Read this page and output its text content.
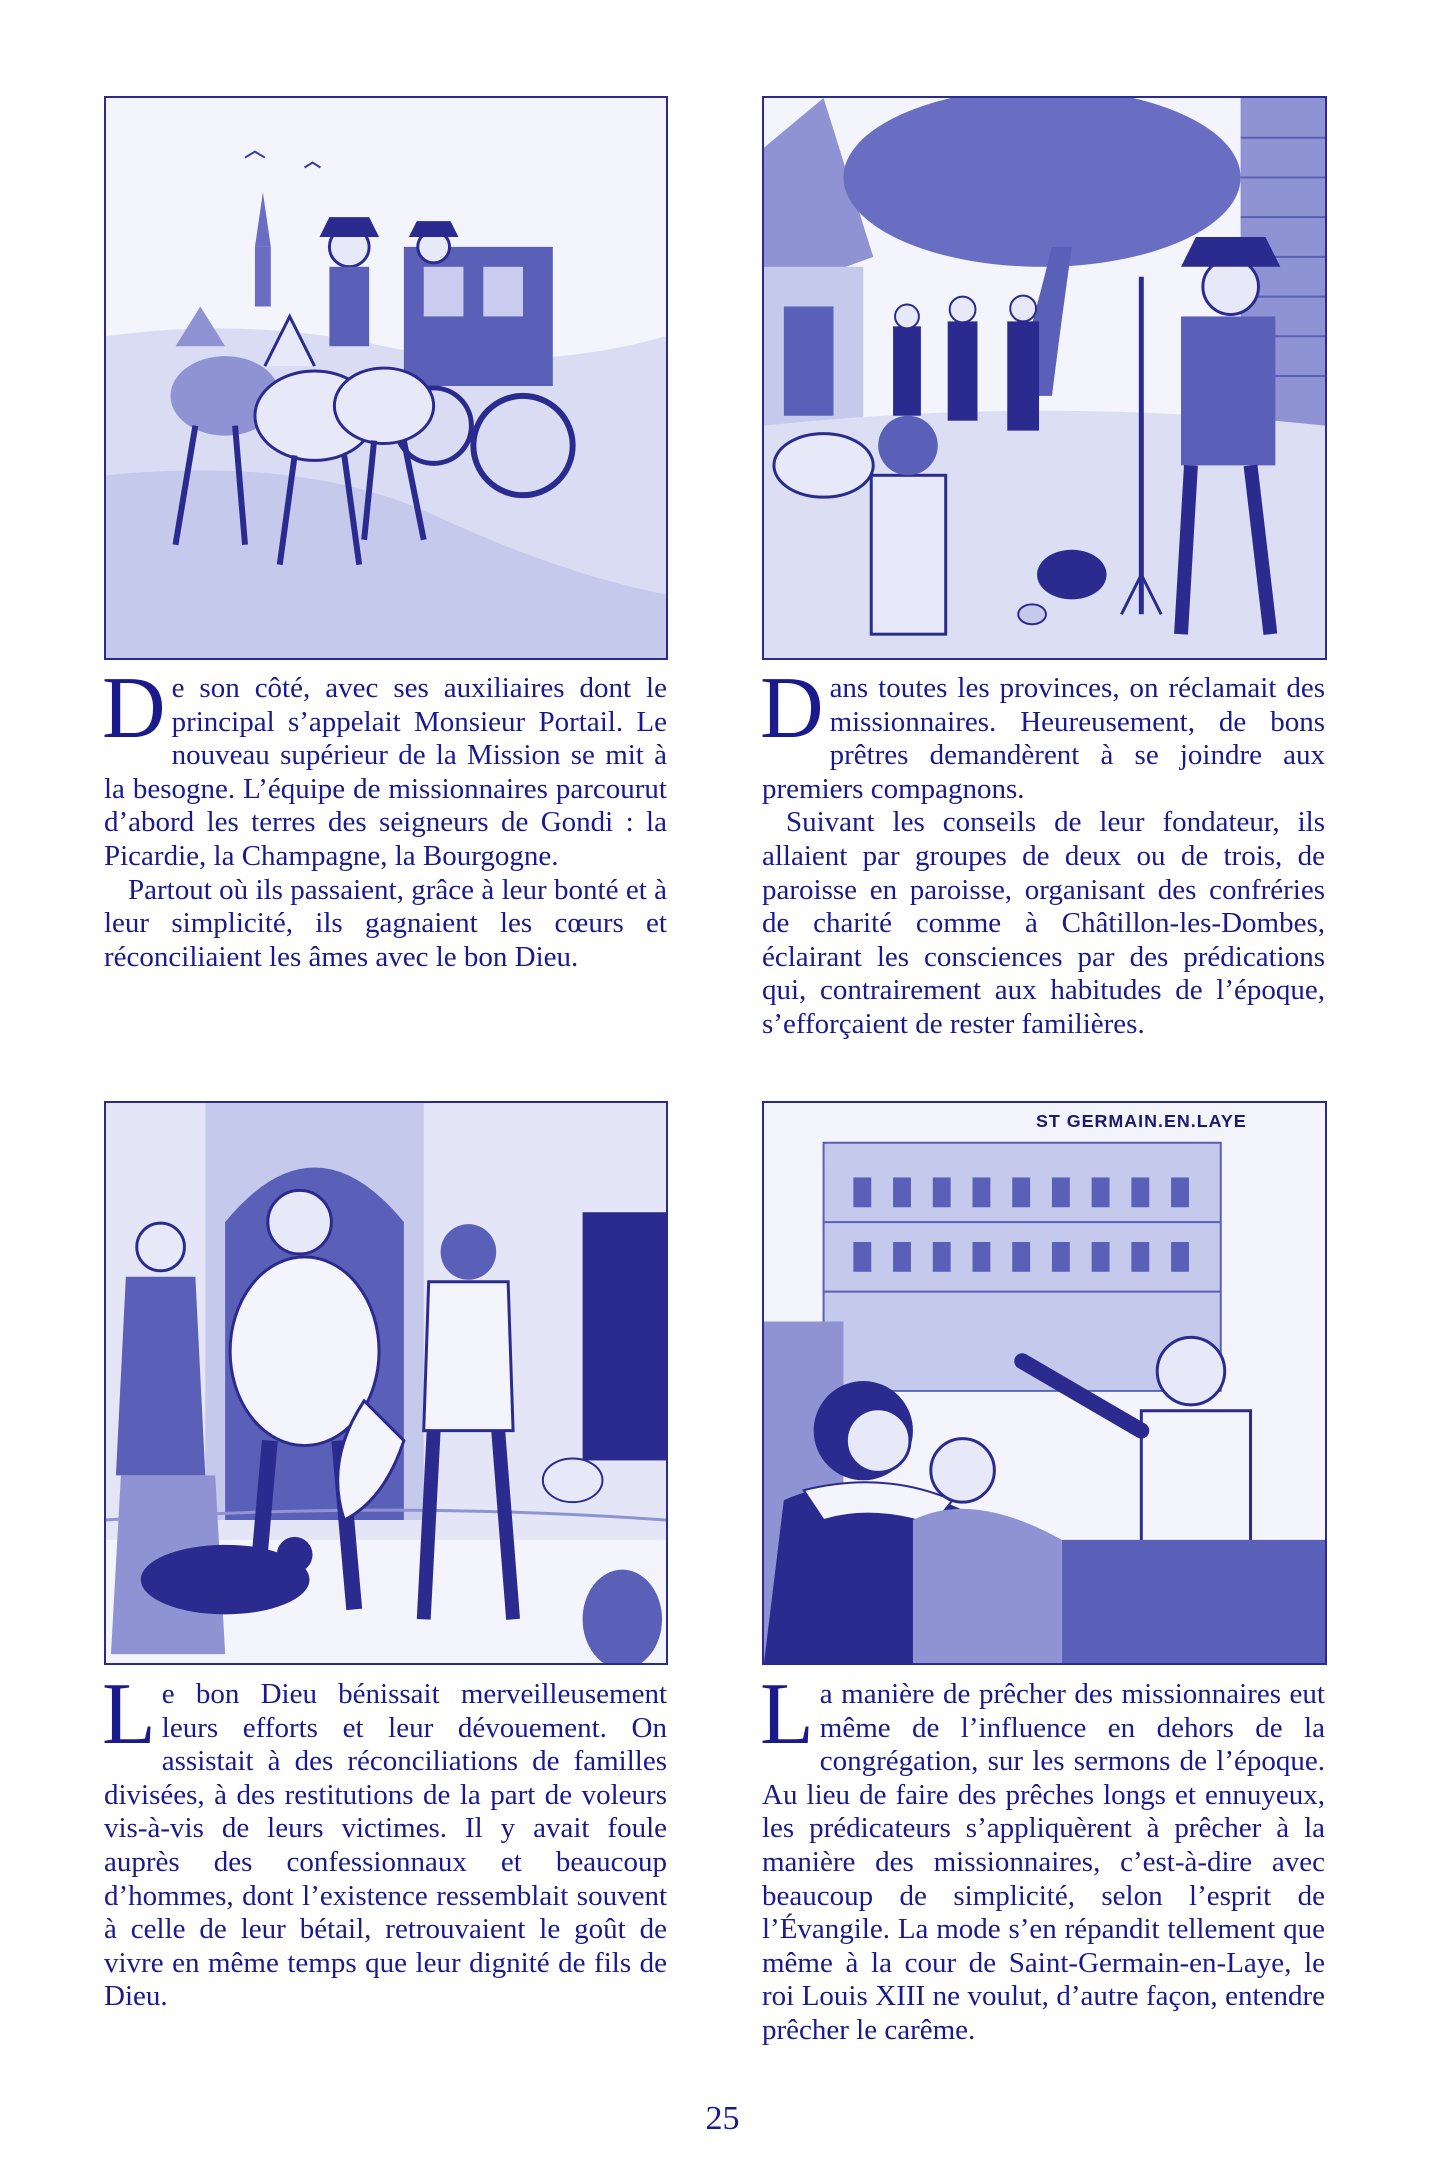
De son côté, avec ses auxiliaires dont le principal s’appelait Monsieur Portail. Le nouveau supérieur de la Mission se mit à la besogne. L’équipe de missionnaires parcourut d’abord les terres des seigneurs de Gondi : la Picardie, la Champagne, la Bourgogne.

Partout où ils passaient, grâce à leur bonté et à leur simplicité, ils gagnaient les cœurs et réconciliaient les âmes avec le bon Dieu.

Dans toutes les provinces, on réclamait des missionnaires. Heureusement, de bons prêtres demandèrent à se joindre aux premiers compagnons.

Suivant les conseils de leur fondateur, ils allaient par groupes de deux ou de trois, de paroisse en paroisse, organisant des confréries de charité comme à Châtillon-les-Dombes, éclairant les consciences par des prédications qui, contrairement aux habitudes de l’époque, s’efforçaient de rester familières.

ST GERMAIN.EN.LAYE

Le bon Dieu bénissait merveilleusement leurs efforts et leur dévouement. On assistait à des réconciliations de familles divisées, à des restitutions de la part de voleurs vis-à-vis de leurs victimes. Il y avait foule auprès des confessionnaux et beaucoup d’hommes, dont l’existence ressemblait souvent à celle de leur bétail, retrouvaient le goût de vivre en même temps que leur dignité de fils de Dieu.

La manière de prêcher des missionnaires eut même de l’influence en dehors de la congrégation, sur les sermons de l’époque. Au lieu de faire des prêches longs et ennuyeux, les prédicateurs s’appliquèrent à prêcher à la manière des missionnaires, c’est-à-dire avec beaucoup de simplicité, selon l’esprit de l’Évangile. La mode s’en répandit tellement que même à la cour de Saint-Germain-en-Laye, le roi Louis XIII ne voulut, d’autre façon, entendre prêcher le carême.

25
